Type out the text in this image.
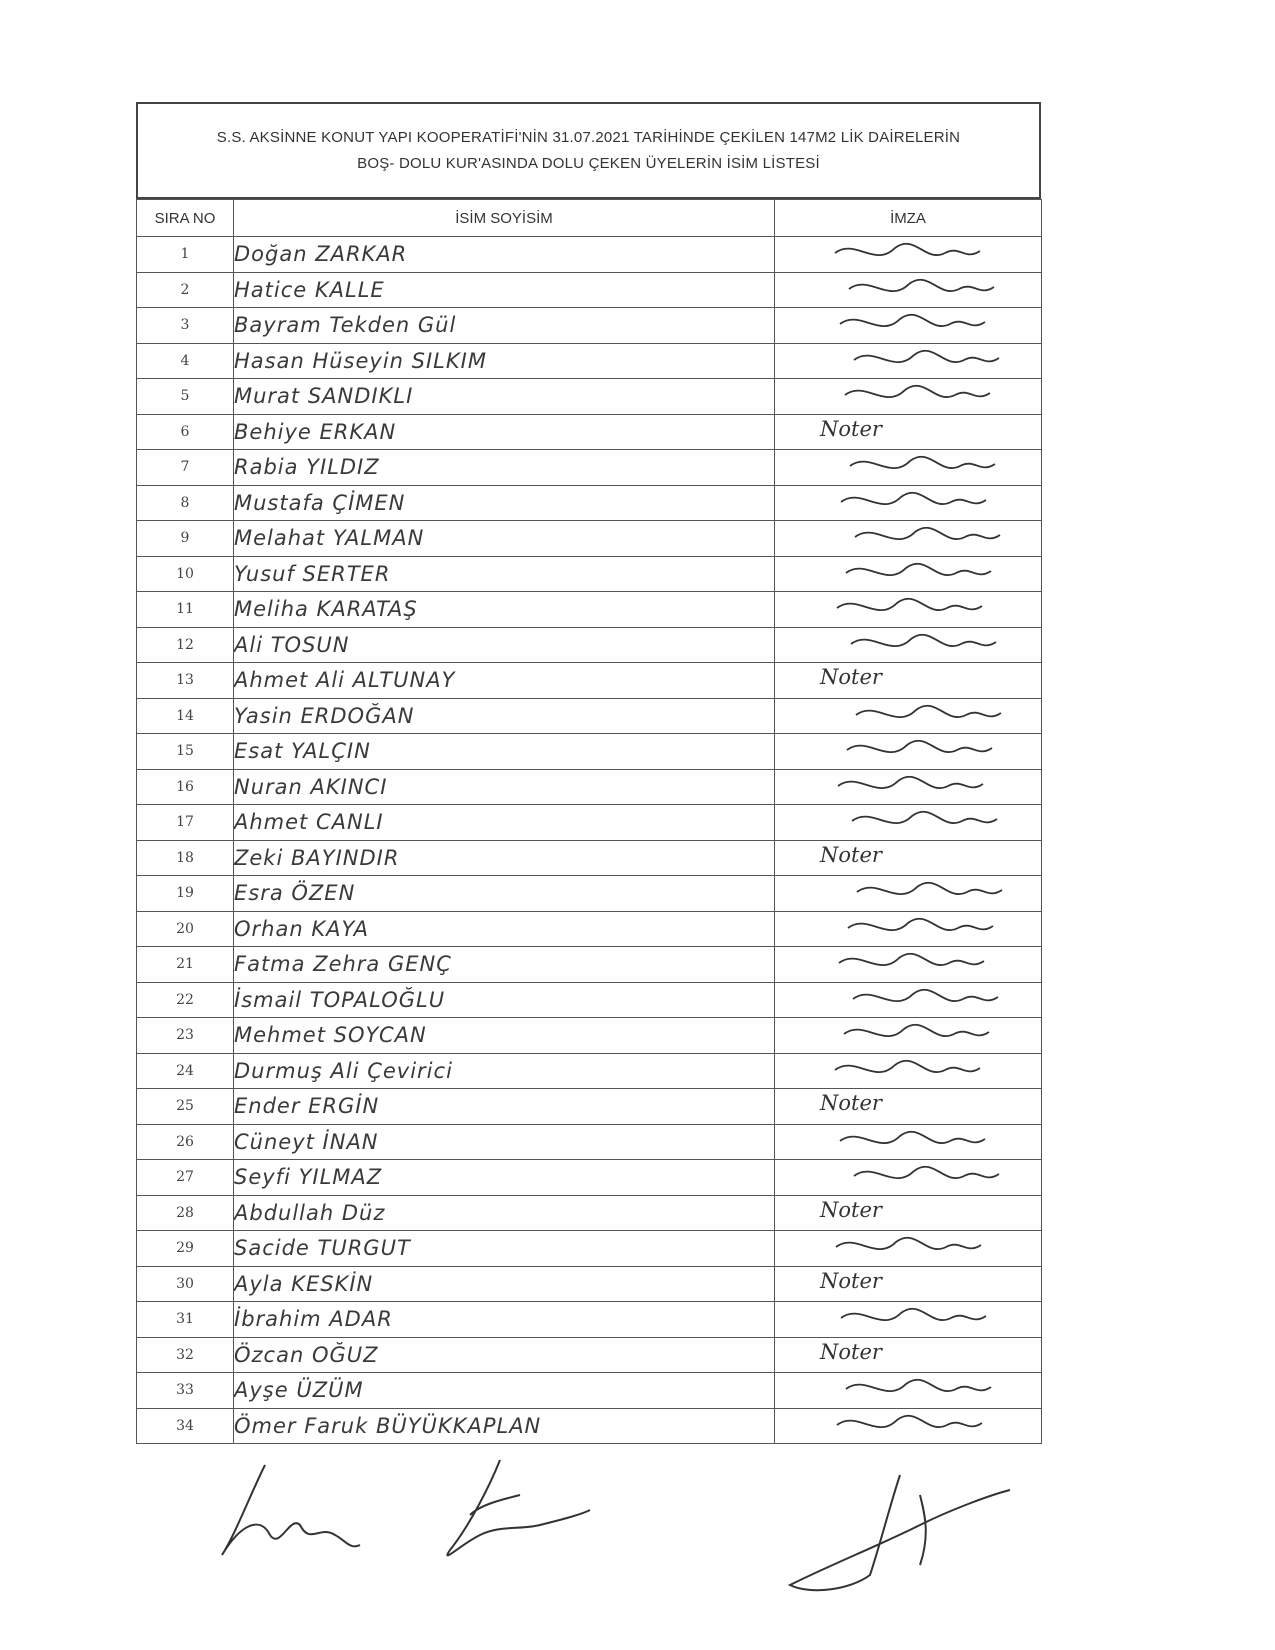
S.S. AKSİNNE KONUT YAPI KOOPERATİFİ'NİN 31.07.2021 TARİHİNDE ÇEKİLEN 147M2 LİK DAİRELERİN
BOŞ- DOLU KUR'ASINDA DOLU ÇEKEN ÜYELERİN İSİM LİSTESİ
SIRA NO	İSİM SOYİSİM	İMZA
1	Doğan ZARKAR	

2	Hatice KALLE	

3	Bayram Tekden Gül	

4	Hasan Hüseyin SILKIM	

5	Murat SANDIKLI	

6	Behiye ERKAN	Noter

7	Rabia YILDIZ	

8	Mustafa ÇİMEN	

9	Melahat YALMAN	

10	Yusuf SERTER	

11	Meliha KARATAŞ	

12	Ali TOSUN	

13	Ahmet Ali ALTUNAY	Noter

14	Yasin ERDOĞAN	

15	Esat YALÇIN	

16	Nuran AKINCI	

17	Ahmet CANLI	

18	Zeki BAYINDIR	Noter

19	Esra ÖZEN	

20	Orhan KAYA	

21	Fatma Zehra GENÇ	

22	İsmail TOPALOĞLU	

23	Mehmet SOYCAN	

24	Durmuş Ali Çevirici	

25	Ender ERGİN	Noter

26	Cüneyt İNAN	

27	Seyfi YILMAZ	

28	Abdullah Düz	Noter

29	Sacide TURGUT	

30	Ayla KESKİN	Noter

31	İbrahim ADAR	

32	Özcan OĞUZ	Noter

33	Ayşe ÜZÜM	

34	Ömer Faruk BÜYÜKKAPLAN	
